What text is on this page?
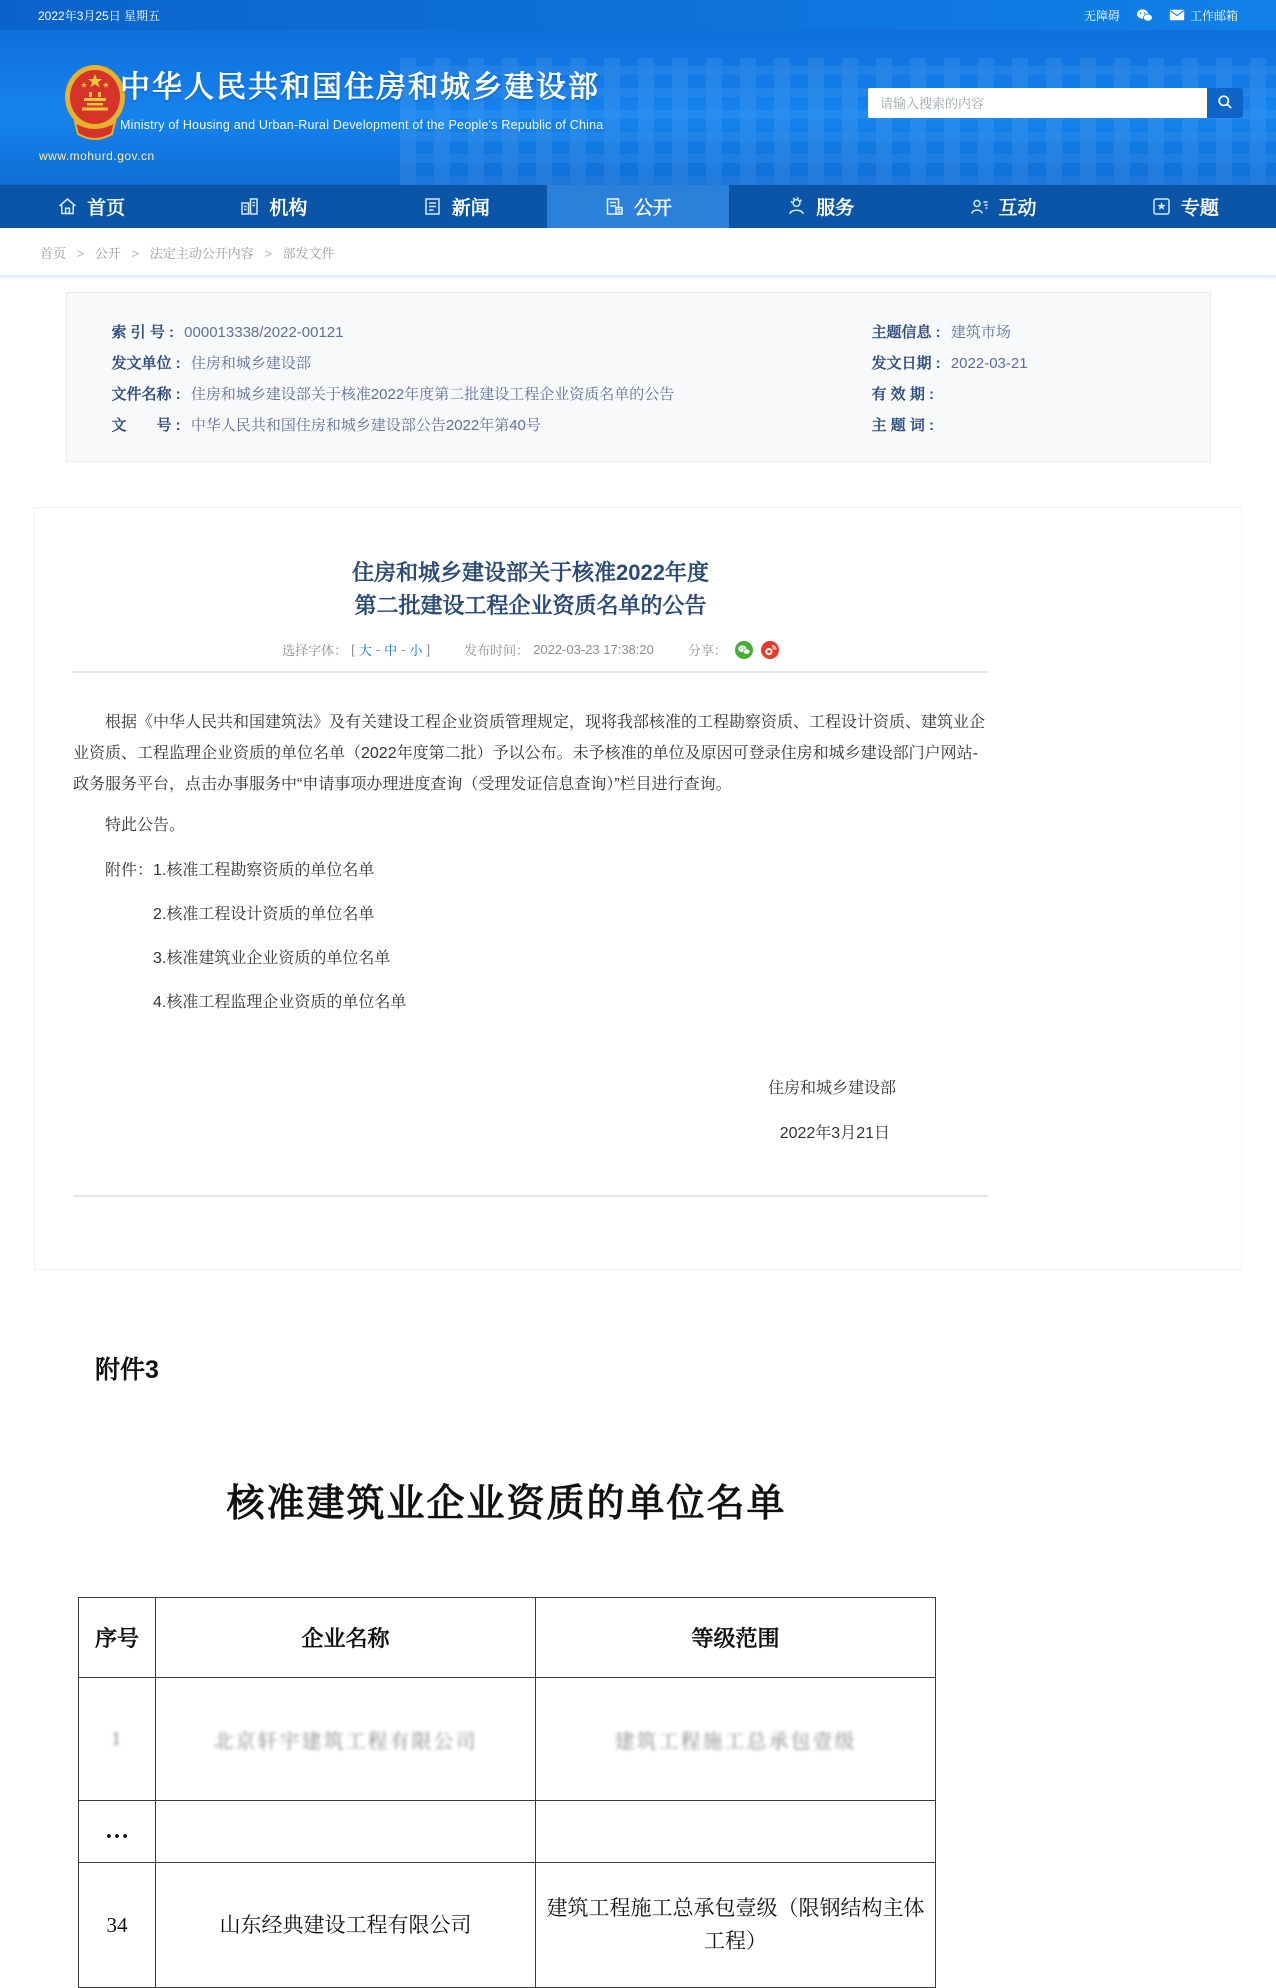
2022年3月25日 星期五	无障碍	工作邮箱
中华人民共和国住房和城乡建设部
Ministry of Housing and Urban-Rural Development of the People's Republic of China
www.mohurd.gov.cn
请输入搜索的内容
首页	机构	新闻	公开	服务	互动	专题
首页 > 公开 > 法定主动公开内容 > 部发文件
索 引 号 : 000013338/2022-00121
发文单位 : 住房和城乡建设部
文件名称 : 住房和城乡建设部关于核准2022年度第二批建设工程企业资质名单的公告
文　　号 : 中华人民共和国住房和城乡建设部公告2022年第40号
主题信息 : 建筑市场
发文日期 : 2022-03-21
有 效 期 :
主 题 词 :
住房和城乡建设部关于核准2022年度
第二批建设工程企业资质名单的公告
选择字体： [ 大 - 中 - 小 ]	发布时间： 2022-03-23 17:38:20	分享：

根据《中华人民共和国建筑法》及有关建设工程企业资质管理规定，现将我部核准的工程勘察资质、工程设计资质、建筑业企业资质、工程监理企业资质的单位名单（2022年度第二批）予以公布。未予核准的单位及原因可登录住房和城乡建设部门户网站-政务服务平台，点击办事服务中“申请事项办理进度查询（受理发证信息查询）”栏目进行查询。

特此公告。

附件：1.核准工程勘察资质的单位名单
2.核准工程设计资质的单位名单
3.核准建筑业企业资质的单位名单
4.核准工程监理企业资质的单位名单
住房和城乡建设部
2022年3月21日
附件3
核准建筑业企业资质的单位名单
序号	企业名称	等级范围
1	北京轩宇建筑工程有限公司	建筑工程施工总承包壹级
…		
34	山东经典建设工程有限公司	建筑工程施工总承包壹级（限钢结构主体工程）
